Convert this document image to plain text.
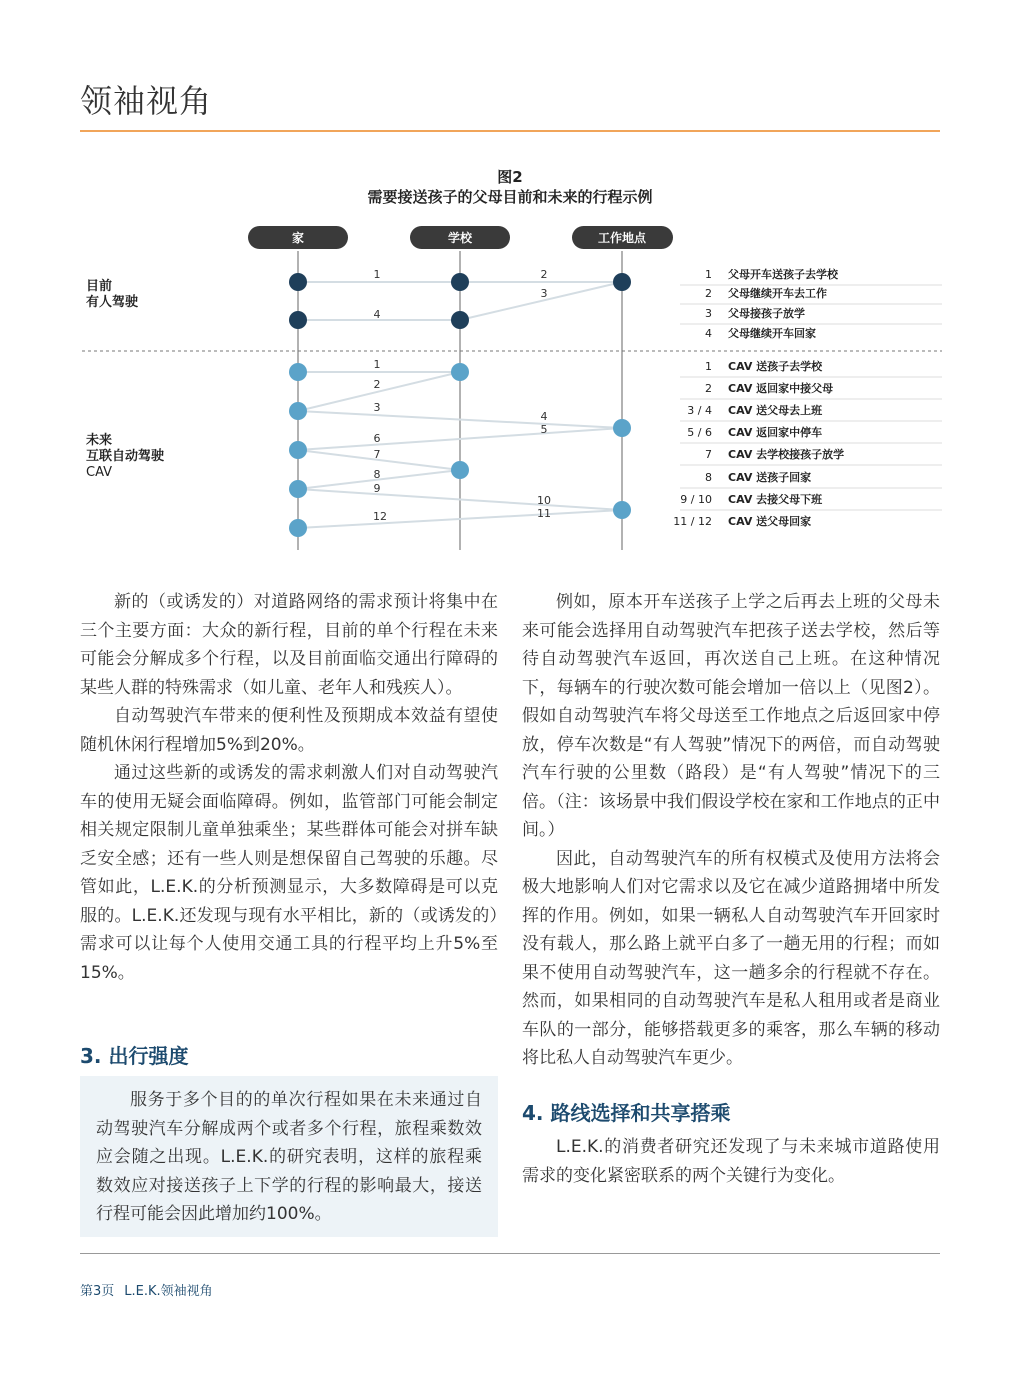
领袖视角
图2
需要接送孩子的父母目前和未来的行程示例
家	学校	工作地点
目前
有人驾驶
未来
互联自动驾驶
CAV
1	2
3
4
1
2
3
4
5
6
7
8
9
10
11
12
1 父母开车送孩子去学校
2 父母继续开车去工作
3 父母接孩子放学
4 父母继续开车回家
1 CAV 送孩子去学校
2 CAV 返回家中接父母
3 / 4 CAV 送父母去上班
5 / 6 CAV 返回家中停车
7 CAV 去学校接孩子放学
8 CAV 送孩子回家
9 / 10 CAV 去接父母下班
11 / 12 CAV 送父母回家

新的（或诱发的）对道路网络的需求预计将集中在三个主要方面：大众的新行程，目前的单个行程在未来可能会分解成多个行程，以及目前面临交通出行障碍的某些人群的特殊需求（如儿童、老年人和残疾人）。

自动驾驶汽车带来的便利性及预期成本效益有望使随机休闲行程增加5%到20%。

通过这些新的或诱发的需求刺激人们对自动驾驶汽车的使用无疑会面临障碍。例如，监管部门可能会制定相关规定限制儿童单独乘坐；某些群体可能会对拼车缺乏安全感；还有一些人则是想保留自己驾驶的乐趣。尽管如此，L.E.K.的分析预测显示，大多数障碍是可以克服的。L.E.K.还发现与现有水平相比，新的（或诱发的）需求可以让每个人使用交通工具的行程平均上升5%至15%。

3. 出行强度

服务于多个目的的单次行程如果在未来通过自动驾驶汽车分解成两个或者多个行程，旅程乘数效应会随之出现。L.E.K.的研究表明，这样的旅程乘数效应对接送孩子上下学的行程的影响最大，接送行程可能会因此增加约100%。

例如，原本开车送孩子上学之后再去上班的父母未来可能会选择用自动驾驶汽车把孩子送去学校，然后等待自动驾驶汽车返回，再次送自己上班。在这种情况下，每辆车的行驶次数可能会增加一倍以上（见图2）。假如自动驾驶汽车将父母送至工作地点之后返回家中停放，停车次数是“有人驾驶”情况下的两倍，而自动驾驶汽车行驶的公里数（路段）是“有人驾驶”情况下的三倍。（注：该场景中我们假设学校在家和工作地点的正中间。）

因此，自动驾驶汽车的所有权模式及使用方法将会极大地影响人们对它需求以及它在减少道路拥堵中所发挥的作用。例如，如果一辆私人自动驾驶汽车开回家时没有载人，那么路上就平白多了一趟无用的行程；而如果不使用自动驾驶汽车，这一趟多余的行程就不存在。然而，如果相同的自动驾驶汽车是私人租用或者是商业车队的一部分，能够搭载更多的乘客，那么车辆的移动将比私人自动驾驶汽车更少。

4. 路线选择和共享搭乘

L.E.K.的消费者研究还发现了与未来城市道路使用需求的变化紧密联系的两个关键行为变化。

第3页 L.E.K.领袖视角
